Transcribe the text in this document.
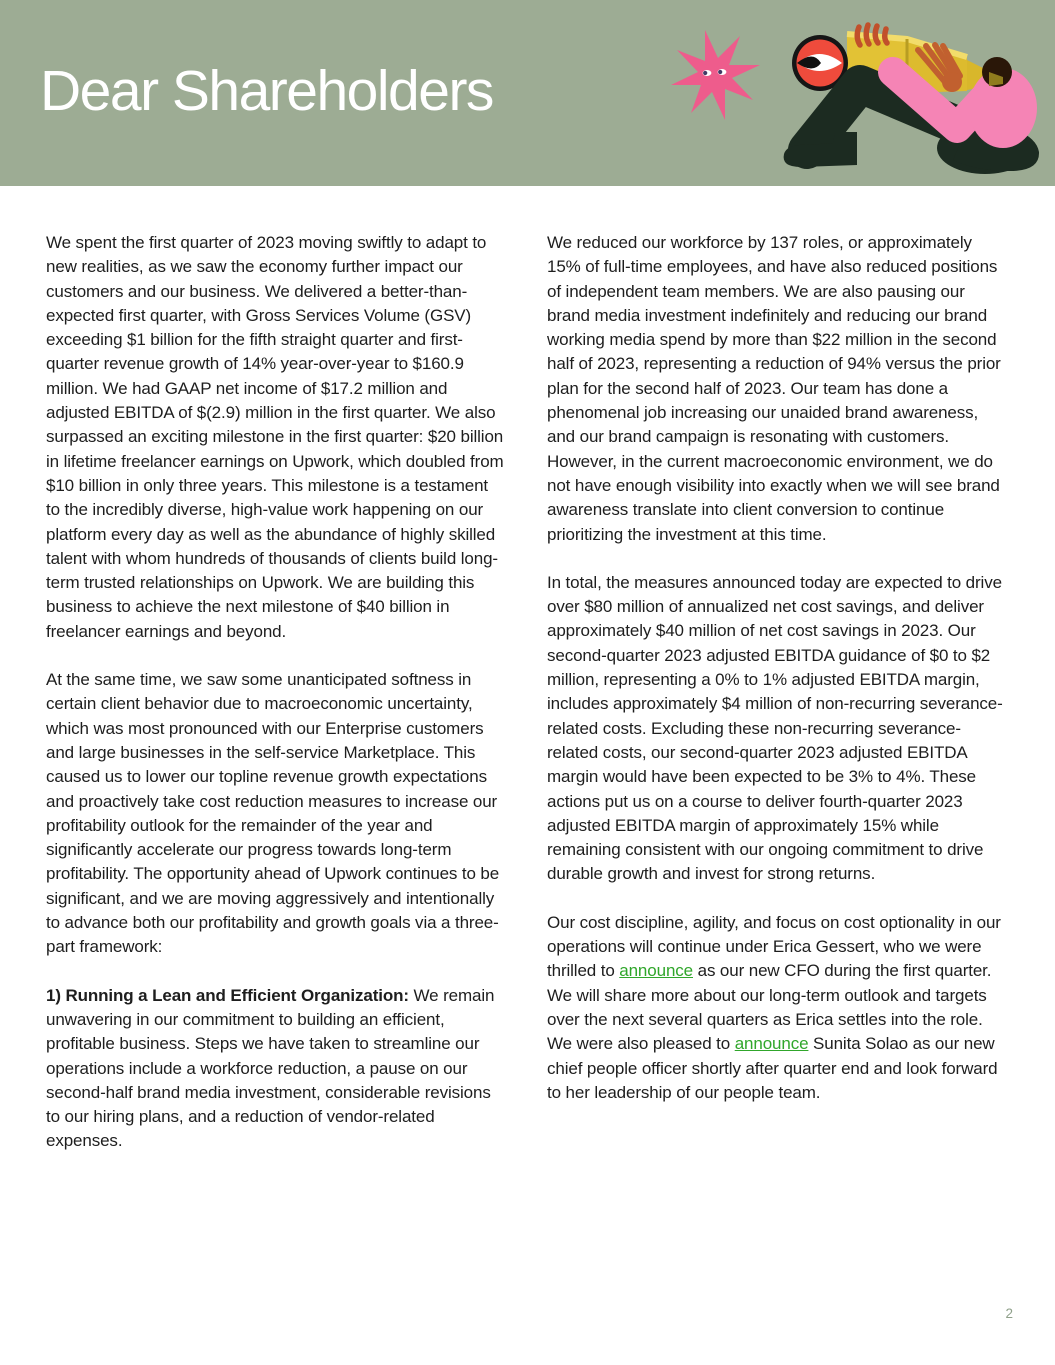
Dear Shareholders

We spent the first quarter of 2023 moving swiftly to adapt to new realities, as we saw the economy further impact our customers and our business. We delivered a better-than-expected first quarter, with Gross Services Volume (GSV) exceeding $1 billion for the fifth straight quarter and first-quarter revenue growth of 14% year-over-year to $160.9 million. We had GAAP net income of $17.2 million and adjusted EBITDA of $(2.9) million in the first quarter. We also surpassed an exciting milestone in the first quarter: $20 billion in lifetime freelancer earnings on Upwork, which doubled from $10 billion in only three years. This milestone is a testament to the incredibly diverse, high-value work happening on our platform every day as well as the abundance of highly skilled talent with whom hundreds of thousands of clients build long-term trusted relationships on Upwork. We are building this business to achieve the next milestone of $40 billion in freelancer earnings and beyond.

At the same time, we saw some unanticipated softness in certain client behavior due to macroeconomic uncertainty, which was most pronounced with our Enterprise customers and large businesses in the self-service Marketplace. This caused us to lower our topline revenue growth expectations and proactively take cost reduction measures to increase our profitability outlook for the remainder of the year and significantly accelerate our progress towards long-term profitability. The opportunity ahead of Upwork continues to be significant, and we are moving aggressively and intentionally to advance both our profitability and growth goals via a three-part framework:

1) Running a Lean and Efficient Organization: We remain unwavering in our commitment to building an efficient, profitable business. Steps we have taken to streamline our operations include a workforce reduction, a pause on our second-half brand media investment, considerable revisions to our hiring plans, and a reduction of vendor-related expenses.

We reduced our workforce by 137 roles, or approximately 15% of full-time employees, and have also reduced positions of independent team members. We are also pausing our brand media investment indefinitely and reducing our brand working media spend by more than $22 million in the second half of 2023, representing a reduction of 94% versus the prior plan for the second half of 2023. Our team has done a phenomenal job increasing our unaided brand awareness, and our brand campaign is resonating with customers. However, in the current macroeconomic environment, we do not have enough visibility into exactly when we will see brand awareness translate into client conversion to continue prioritizing the investment at this time.

In total, the measures announced today are expected to drive over $80 million of annualized net cost savings, and deliver approximately $40 million of net cost savings in 2023. Our second-quarter 2023 adjusted EBITDA guidance of $0 to $2 million, representing a 0% to 1% adjusted EBITDA margin, includes approximately $4 million of non-recurring severance-related costs. Excluding these non-recurring severance-related costs, our second-quarter 2023 adjusted EBITDA margin would have been expected to be 3% to 4%. These actions put us on a course to deliver fourth-quarter 2023 adjusted EBITDA margin of approximately 15% while remaining consistent with our ongoing commitment to drive durable growth and invest for strong returns.

Our cost discipline, agility, and focus on cost optionality in our operations will continue under Erica Gessert, who we were thrilled to announce as our new CFO during the first quarter. We will share more about our long-term outlook and targets over the next several quarters as Erica settles into the role. We were also pleased to announce Sunita Solao as our new chief people officer shortly after quarter end and look forward to her leadership of our people team.

2
